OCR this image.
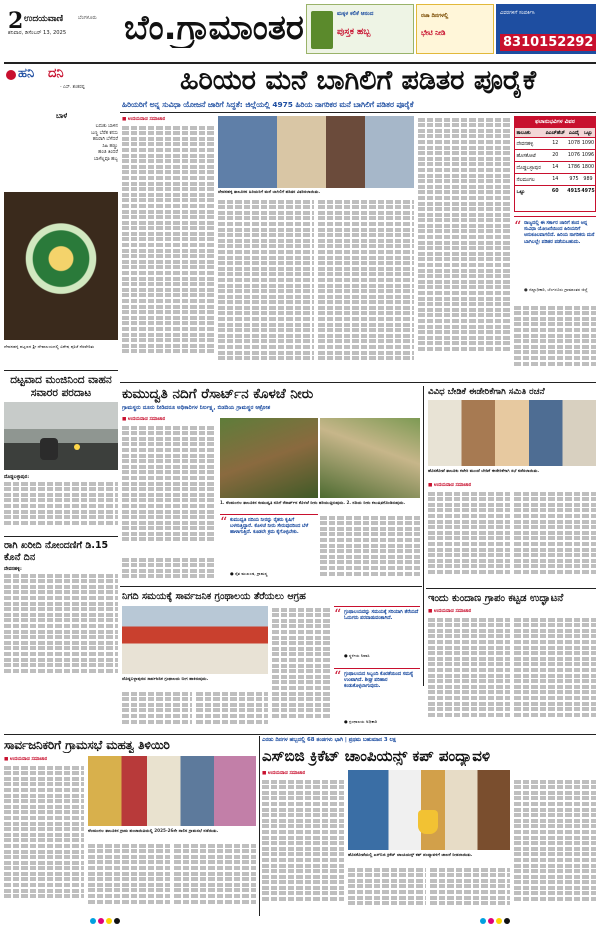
2 ಉದಯವಾಣಿ	ಬೆಂಗಳೂರು
ಶನಿವಾರ, ಡಿಸೆಂಬರ್ 13, 2025 ಬೆಂ.ಗ್ರಾಮಾಂತರ	ಮಕ್ಕಳ ಕಲಿಕೆ ಆನಂದ
ಪುಸ್ತಕ ಹಬ್ಬ
ರಜಾ ದಿನಗಳಲ್ಲಿ
ಭೇಟಿ ನೀಡಿ
ವಿವರಗಳಿಗೆ ಸಂಪರ್ಕಿಸಿ
8310152292
ಹನಿ ದನಿ
- ಎಸ್. ಶಂಕರಪ್ಪ
ಬಾಳೆ
ಬದುಕು ಬಾಳಿನ
ಬಣ್ಣ ಬೆರೆತ ಕನಸು
ಹಸಿರಾಗಿ ಬೆಳೆದರೆ
ಸಿಹಿ ಹಣ್ಣು
ಹಂಚಿ ತಿಂದರೆ
ಬಾಳೆಲ್ಲವೂ ಹಬ್ಬ
ದೇವನಹಳ್ಳಿ ಪಟ್ಟಣದ ಶ್ರೀ ದೇವಾಲಯದಲ್ಲಿ ವಿಶೇಷ ಪೂಜೆ ನೆರವೇರಿತು
ಹಿರಿಯರ ಮನೆ ಬಾಗಿಲಿಗೆ ಪಡಿತರ ಪೂರೈಕೆ
ಹಿರಿಯರಿಗೆ ಅನ್ನ ಸುವಿಧಾ ಯೋಜನೆ ಜಾರಿಗೆ ಸಿದ್ಧತೆ: ಜಿಲ್ಲೆಯಲ್ಲಿ 4975 ಹಿರಿಯ ನಾಗರಿಕರ ಮನೆ ಬಾಗಿಲಿಗೆ ಪಡಿತರ ಪೂರೈಕೆ
■ ಉದಯವಾಣಿ ಸಮಾಚಾರ
ದೇವನಹಳ್ಳಿ ತಾಲೂಕಿನ ಹಿರಿಯರಿಗೆ ಮನೆ ಬಾಗಿಲಿಗೆ ಪಡಿತರ ವಿತರಿಸಲಾಯಿತು.
ಫಲಾನುಭವಿಗಳ ವಿವರ
ತಾಲೂಕು	ಪಿಎಚ್‌ಹೆಚ್	ಎಎವೈ	ಒಟ್ಟು
ದೇವನಹಳ್ಳಿ	12	1078	1090
ಹೊಸಕೋಟೆ	20	1076	1096
ದೊಡ್ಡಬಳ್ಳಾಪುರ	14	1786	1800
ನೆಲಮಂಗಲ	14	975	989
ಒಟ್ಟು	60	4915	4975
“ ರಾಜ್ಯದಲ್ಲಿ ಈ ಸರ್ಕಾರ ಜಾರಿಗೆ ತಂದ ಅನ್ನ ಸುವಿಧಾ ಯೋಜನೆಯಿಂದ ಹಿರಿಯರಿಗೆ ಅನುಕೂಲವಾಗಲಿದೆ. ಹಿರಿಯ ನಾಗರಿಕರು ಮನೆ ಬಾಗಿಲಲ್ಲೇ ಪಡಿತರ ಪಡೆಯಬಹುದು.
● ಜಿಲ್ಲಾಧಿಕಾರಿ, ಬೆಂಗಳೂರು ಗ್ರಾಮಾಂತರ ಜಿಲ್ಲೆ
ದಟ್ಟವಾದ ಮಂಜಿನಿಂದ ವಾಹನ ಸವಾರರ ಪರದಾಟ
ದೊಡ್ಡಬಳ್ಳಾಪುರ:
ರಾಗಿ ಖರೀದಿ ನೋಂದಣಿಗೆ ಡಿ.15 ಕೊನೆ ದಿನ
ದೇವನಹಳ್ಳಿ:
ಕುಮುದ್ವತಿ ನದಿಗೆ ರೆಸಾರ್ಟ್‌ನ ಕೊಳಚೆ ನೀರು
ಗ್ರಾಮಸ್ಥರು ದೂರು ನೀಡಿದರೂ ಅಧಿಕಾರಿಗಳ ನಿರ್ಲಕ್ಷ್ಯ, ಬಿಡದಿಯ ಗ್ರಾಮಸ್ಥರ ಆಕ್ರೋಶ
■ ಉದಯವಾಣಿ ಸಮಾಚಾರ
1. ನೆಲಮಂಗಲ ತಾಲೂಕಿನ ಕುಮುದ್ವತಿ ನದಿಗೆ ರೆಸಾರ್ಟ್‌ನ ಕೊಳಚೆ ನೀರು ಹರಿಯುತ್ತಿರುವುದು. 2. ನದಿಯ ನೀರು ಕಲುಷಿತಗೊಂಡಿರುವುದು.
“ ಕುಮುದ್ವತಿ ನದಿಯ ನೀರನ್ನು ರೈತರು ಕೃಷಿಗೆ ಬಳಸುತ್ತಿದ್ದಾರೆ. ಕೊಳಚೆ ನೀರು ಸೇರುವುದರಿಂದ ಬೆಳೆ ಹಾಳಾಗುತ್ತಿದೆ. ಕೂಡಲೇ ಕ್ರಮ ಕೈಗೊಳ್ಳಬೇಕು.
● ರೈತ ಮುಖಂಡ, ಗ್ರಾಮಸ್ಥ
ವಿವಿಧ ಬೇಡಿಕೆ ಈಡೇರಿಕೆಗಾಗಿ ಸಮಿತಿ ರಚನೆ
ಹೊಸಕೋಟೆ ತಾಲೂಕು ಕಚೇರಿ ಮುಂದೆ ಬೇಡಿಕೆ ಈಡೇರಿಕೆಗಾಗಿ ಸಭೆ ನಡೆಸಲಾಯಿತು.
■ ಉದಯವಾಣಿ ಸಮಾಚಾರ
ನಿಗದಿ ಸಮಯಕ್ಕೆ ಸಾರ್ವಜನಿಕ ಗ್ರಂಥಾಲಯ ತೆರೆಯಲು ಆಗ್ರಹ
ದೊಡ್ಡಬಳ್ಳಾಪುರದ ಸಾರ್ವಜನಿಕ ಗ್ರಂಥಾಲಯ ಬೀಗ ಹಾಕಿರುವುದು.
“ ಗ್ರಂಥಾಲಯವನ್ನು ಸಮಯಕ್ಕೆ ಸರಿಯಾಗಿ ತೆರೆಯದೆ ಓದುಗರು ಪರದಾಡುವಂತಾಗಿದೆ.
● ಸ್ಥಳೀಯ ನಿವಾಸಿ
“ ಗ್ರಂಥಾಲಯದ ಸಿಬ್ಬಂದಿ ಕೊರತೆಯಿಂದ ಸಮಸ್ಯೆ ಉಂಟಾಗಿದೆ. ಶೀಘ್ರ ಪರಿಹಾರ ಕಂಡುಕೊಳ್ಳಲಾಗುವುದು.
● ಗ್ರಂಥಾಲಯ ಅಧಿಕಾರಿ
ಇಂದು ಕುಂದಾಣ ಗ್ರಾಪಂ ಕಟ್ಟಡ ಉದ್ಘಾಟನೆ
■ ಉದಯವಾಣಿ ಸಮಾಚಾರ
ಸಾರ್ವಜನಿಕರಿಗೆ ಗ್ರಾಮಸಭೆ ಮಹತ್ವ ತಿಳಿಯಿರಿ
■ ಉದಯವಾಣಿ ಸಮಾಚಾರ
ನೆಲಮಂಗಲ ತಾಲೂಕಿನ ಗ್ರಾಮ ಪಂಚಾಯಿತಿಯಲ್ಲಿ 2025-26ನೇ ಸಾಲಿನ ಗ್ರಾಮಸಭೆ ನಡೆಯಿತು.
ಎರಡು ದಿನಗಳ ಹಬ್ಬದಲ್ಲಿ 68 ತಂಡಗಳು ಭಾಗಿ | ಪ್ರಥಮ ಬಹುಮಾನ 3 ಲಕ್ಷ
ಎಸ್‌ಬಿಜಿ ಕ್ರಿಕೆಟ್ ಚಾಂಪಿಯನ್ಸ್ ಕಪ್ ಪಂದ್ಯಾವಳಿ
■ ಉದಯವಾಣಿ ಸಮಾಚಾರ
ಹೊಸಕೋಟೆಯಲ್ಲಿ ಎಸ್‌ಬಿಜಿ ಕ್ರಿಕೆಟ್ ಚಾಂಪಿಯನ್ಸ್ ಕಪ್ ಪಂದ್ಯಾವಳಿಗೆ ಚಾಲನೆ ನೀಡಲಾಯಿತು.
